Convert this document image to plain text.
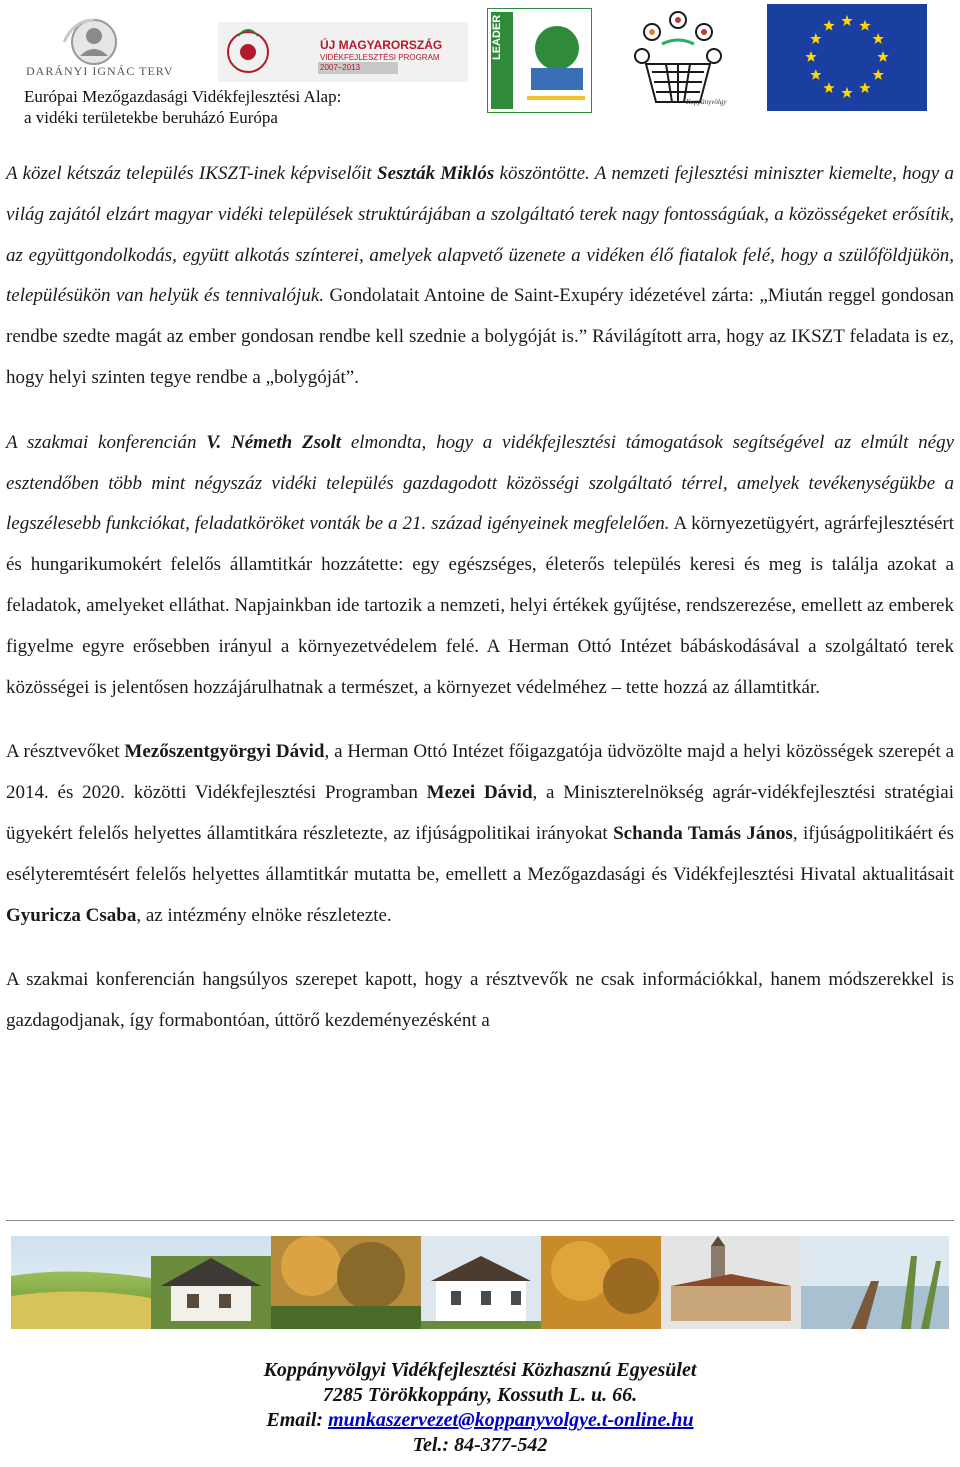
DARÁNYI IGNÁC TERV
Európai Mezőgazdasági Vidékfejlesztési Alap:
a vidéki területekbe beruházó Európa
ÚJ MAGYARORSZÁG
VIDÉKFEJLESZTÉSI PROGRAM
2007–2013
LEADER
Koppányvölgy

A közel kétszáz település IKSZT-inek képviselőit Seszták Miklós köszöntötte. A nemzeti fejlesztési miniszter kiemelte, hogy a világ zajától elzárt magyar vidéki települések struktúrájában a szolgáltató terek nagy fontosságúak, a közösségeket erősítik, az együttgondolkodás, együtt alkotás színterei, amelyek alapvető üzenete a vidéken élő fiatalok felé, hogy a szülőföldjükön, településükön van helyük és tennivalójuk. Gondolatait Antoine de Saint-Exupéry idézetével zárta: „Miután reggel gondosan rendbe szedte magát az ember gondosan rendbe kell szednie a bolygóját is.” Rávilágított arra, hogy az IKSZT feladata is ez, hogy helyi szinten tegye rendbe a „bolygóját”.

A szakmai konferencián V. Németh Zsolt elmondta, hogy a vidékfejlesztési támogatások segítségével az elmúlt négy esztendőben több mint négyszáz vidéki település gazdagodott közösségi szolgáltató térrel, amelyek tevékenységükbe a legszélesebb funkciókat, feladatköröket vonták be a 21. század igényeinek megfelelően. A környezetügyért, agrárfejlesztésért és hungarikumokért felelős államtitkár hozzátette: egy egészséges, életerős település keresi és meg is találja azokat a feladatok, amelyeket elláthat. Napjainkban ide tartozik a nemzeti, helyi értékek gyűjtése, rendszerezése, emellett az emberek figyelme egyre erősebben irányul a környezetvédelem felé. A Herman Ottó Intézet bábáskodásával a szolgáltató terek közösségei is jelentősen hozzájárulhatnak a természet, a környezet védelméhez – tette hozzá az államtitkár.

A résztvevőket Mezőszentgyörgyi Dávid, a Herman Ottó Intézet főigazgatója üdvözölte majd a helyi közösségek szerepét a 2014. és 2020. közötti Vidékfejlesztési Programban Mezei Dávid, a Miniszterelnökség agrár-vidékfejlesztési stratégiai ügyekért felelős helyettes államtitkára részletezte, az ifjúságpolitikai irányokat Schanda Tamás János, ifjúságpolitikáért és esélyteremtésért felelős helyettes államtitkár mutatta be, emellett a Mezőgazdasági és Vidékfejlesztési Hivatal aktualitásait Gyuricza Csaba, az intézmény elnöke részletezte.

A szakmai konferencián hangsúlyos szerepet kapott, hogy a résztvevők ne csak információkkal, hanem módszerekkel is gazdagodjanak, így formabontóan, úttörő kezdeményezésként a

Koppányvölgyi Vidékfejlesztési Közhasznú Egyesület
7285 Törökkoppány, Kossuth L. u. 66.
Email: munkaszervezet@koppanyvolgye.t-online.hu
Tel.: 84-377-542
